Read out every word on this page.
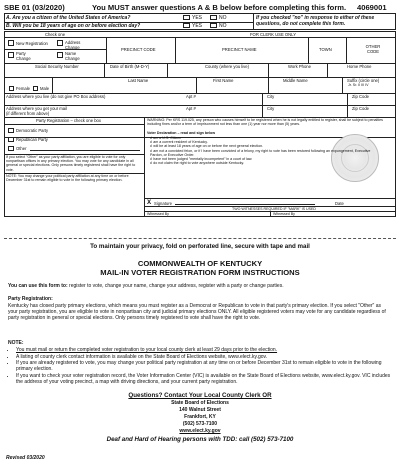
SBE 01 (03/2020)	You MUST answer questions A & B below before completing this form. 4069001
A. Are you a citizen of the United States of America?
B. Will you be 18 years of age on or before election day?
YES	NO
YES	NO
If you checked "no" in response to either of these questions, do not complete this form.
Check one	FOR CLERK USE ONLY
New Registration	Address Change
Party Change
Name Change
PRECINCT CODE	PRECINCT NAME	TOWN
OTHER CODE
Social Security Number	Date of Birth (M-D-Y)	County (where you live)	Work Phone	Home Phone
Last Name	First Name	Middle Name	Suffix (circle one)
Jr. Sr. II III IV
Female Male
Address where you live (do not give PO Box address)	Apt #	City	Zip Code
Address where you get your mail
(if different from above)
Apt #	City	Zip Code
Party Registration – check one box
Democratic Party
Republican Party
Other
If you select "Other" as your party affiliation, you are eligible to vote for only nonpartisan offices in any primary election. You may vote for any candidate in all general or special elections. Only persons timely registered shall have the right to vote.
NOTE: You may change your political party affiliation at any time on or before December 31st to remain eligible to vote in the following primary election.
WARNING: Per KRS 119.025, any person who causes himself to be registered when he is not legally entitled to register, shall be subject to penalties including fines and/or a term of imprisonment not less than one (1) year nor more than (5) years.
Voter Declaration – read and sign below
• I am a U.S. Citizen
• I am a current resident of Kentucky.
• I will be at least 18 years of age on or before the next general election.
• I am not a convicted felon, or if I have been convicted of a felony, my right to vote has been restored following an expungement, Executive Pardon, or Executive Order.
• I have not been judged "mentally incompetent" in a court of law.
• I do not claim the right to vote anywhere outside Kentucky.
X Signature	Date
TWO WITNESSES REQUIRED IF "MARK" IS USED
Witnessed By	Witnessed By
To maintain your privacy, fold on perforated line, secure with tape and mail
COMMONWEALTH OF KENTUCKY
MAIL-IN VOTER REGISTRATION FORM INSTRUCTIONS
You can use this form to: register to vote, change your name, change your address, register with a party or change parties.
Party Registration:
Kentucky has closed party primary elections, which means you must register as a Democrat or Republican to vote in that party's primary election. If you select "Other" as your party registration, you are eligible to vote in nonpartisan city and judicial primary elections ONLY. All eligible registered voters may vote for any candidate regardless of party registration in general or special elections. Only persons timely registered to vote shall have the right to vote.
NOTE:
• You must mail or return the completed voter registration to your local county clerk at least 29 days prior to the election.
• A listing of county clerk contact information is available on the State Board of Elections website, www.elect.ky.gov.
• If you are already registered to vote, you may change your political party registration at any time on or before December 31st to remain eligible to vote in the following primary election.
• If you want to check your voter registration record, the Voter Information Center (VIC) is available on the State Board of Elections website, www.elect.ky.gov. VIC includes the address of your voting precinct, a map with driving directions, and your current party registration.
Questions? Contact Your Local County Clerk OR
State Board of Elections
140 Walnut Street
Frankfort, KY
(502) 573-7100
www.elect.ky.gov
Deaf and Hard of Hearing persons with TDD: call (502) 573-7100
Revised 03/2020
